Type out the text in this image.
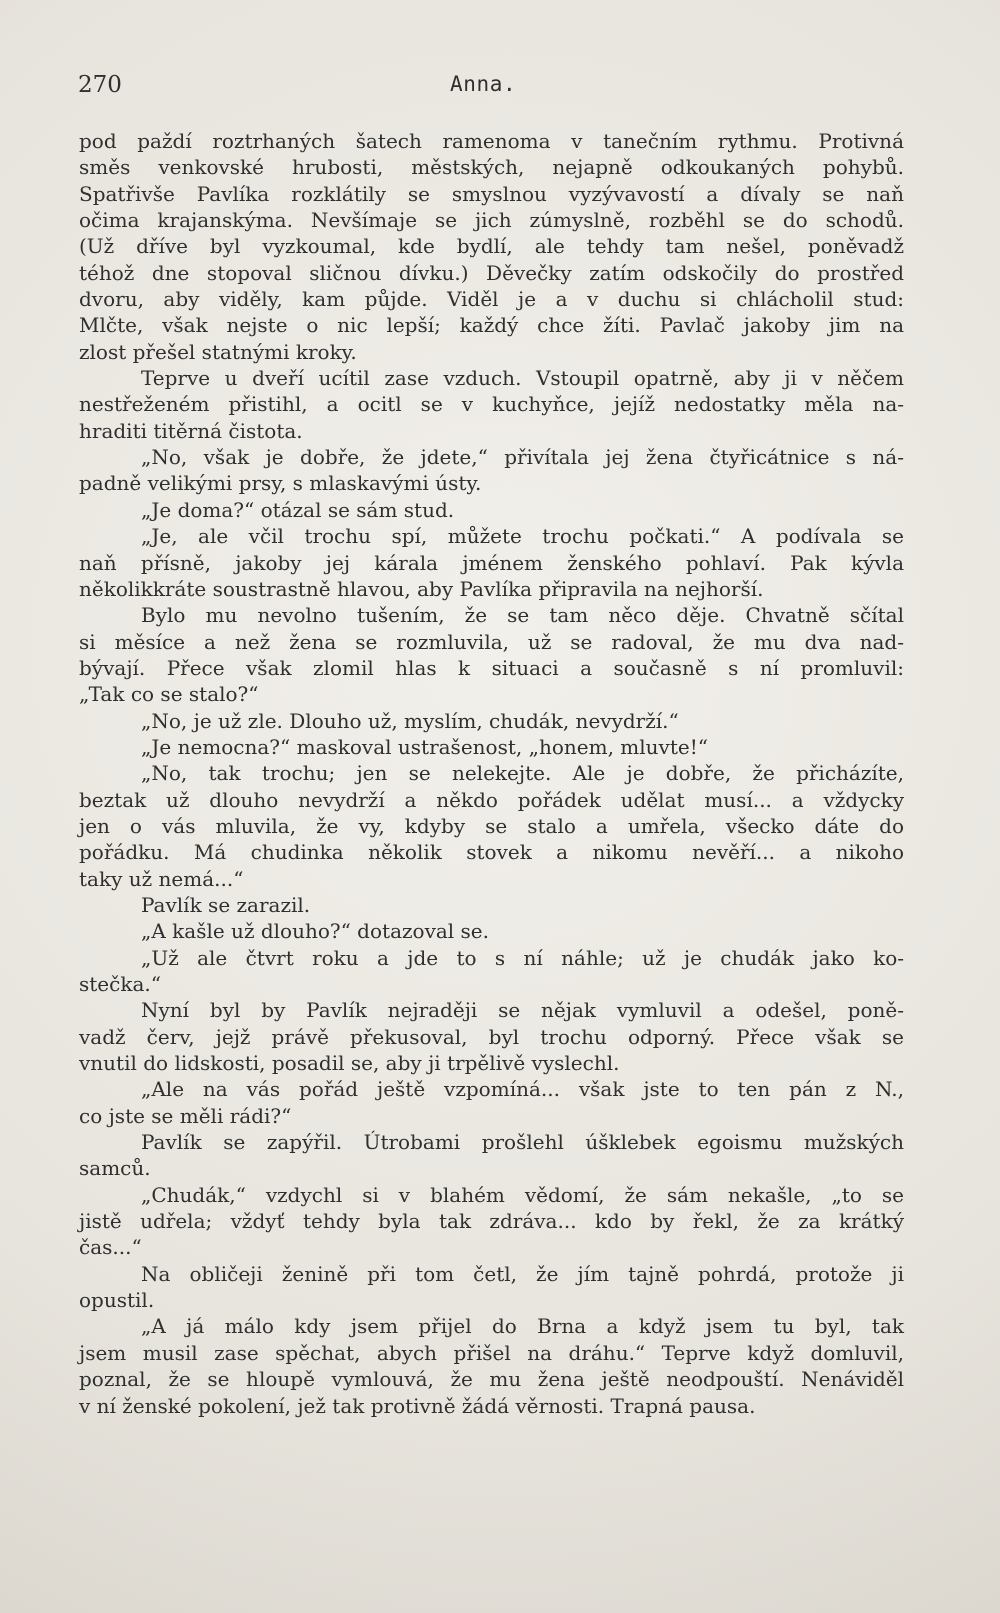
270	Anna.
pod paždí roztrhaných šatech ramenoma v tanečním rythmu. Protivná
směs venkovské hrubosti, městských, nejapně odkoukaných pohybů.
Spatřivše Pavlíka rozklátily se smyslnou vyzývavostí a dívaly se naň
očima krajanskýma. Nevšímaje se jich zúmyslně, rozběhl se do schodů.
(Už dříve byl vyzkoumal, kde bydlí, ale tehdy tam nešel, poněvadž
téhož dne stopoval sličnou dívku.) Děvečky zatím odskočily do prostřed
dvoru, aby viděly, kam půjde. Viděl je a v duchu si chlácholil stud:
Mlčte, však nejste o nic lepší; každý chce žíti. Pavlač jakoby jim na
zlost přešel statnými kroky.
Teprve u dveří ucítil zase vzduch. Vstoupil opatrně, aby ji v něčem
nestřeženém přistihl, a ocitl se v kuchyňce, jejíž nedostatky měla na-
hraditi titěrná čistota.
„No, však je dobře, že jdete,“ přivítala jej žena čtyřicátnice s ná-
padně velikými prsy, s mlaskavými ústy.
„Je doma?“ otázal se sám stud.
„Je, ale včil trochu spí, můžete trochu počkati.“ A podívala se
naň přísně, jakoby jej kárala jménem ženského pohlaví. Pak kývla
několikkráte soustrastně hlavou, aby Pavlíka připravila na nejhorší.
Bylo mu nevolno tušením, že se tam něco děje. Chvatně sčítal
si měsíce a než žena se rozmluvila, už se radoval, že mu dva nad-
bývají. Přece však zlomil hlas k situaci a současně s ní promluvil:
„Tak co se stalo?“
„No, je už zle. Dlouho už, myslím, chudák, nevydrží.“
„Je nemocna?“ maskoval ustrašenost, „honem, mluvte!“
„No, tak trochu; jen se nelekejte. Ale je dobře, že přicházíte,
beztak už dlouho nevydrží a někdo pořádek udělat musí... a vždycky
jen o vás mluvila, že vy, kdyby se stalo a umřela, všecko dáte do
pořádku. Má chudinka několik stovek a nikomu nevěří... a nikoho
taky už nemá...“
Pavlík se zarazil.
„A kašle už dlouho?“ dotazoval se.
„Už ale čtvrt roku a jde to s ní náhle; už je chudák jako ko-
stečka.“
Nyní byl by Pavlík nejraději se nějak vymluvil a odešel, poně-
vadž červ, jejž právě překusoval, byl trochu odporný. Přece však se
vnutil do lidskosti, posadil se, aby ji trpělivě vyslechl.
„Ale na vás pořád ještě vzpomíná... však jste to ten pán z N.,
co jste se měli rádi?“
Pavlík se zapýřil. Útrobami prošlehl úšklebek egoismu mužských
samců.
„Chudák,“ vzdychl si v blahém vědomí, že sám nekašle, „to se
jistě udřela; vždyť tehdy byla tak zdráva... kdo by řekl, že za krátký
čas...“
Na obličeji ženině při tom četl, že jím tajně pohrdá, protože ji
opustil.
„A já málo kdy jsem přijel do Brna a když jsem tu byl, tak
jsem musil zase spěchat, abych přišel na dráhu.“ Teprve když domluvil,
poznal, že se hloupě vymlouvá, že mu žena ještě neodpouští. Nenáviděl
v ní ženské pokolení, jež tak protivně žádá věrnosti. Trapná pausa.
